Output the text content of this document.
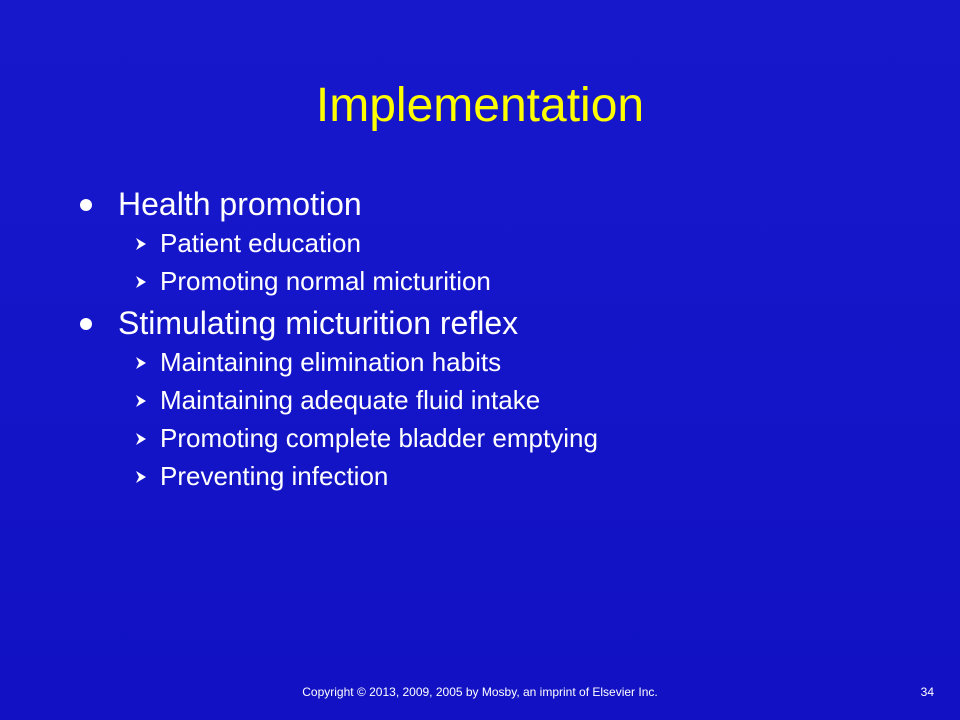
Implementation
Health promotion
Patient education
Promoting normal micturition
Stimulating micturition reflex
Maintaining elimination habits
Maintaining adequate fluid intake
Promoting complete bladder emptying
Preventing infection
Copyright © 2013, 2009, 2005 by Mosby, an imprint of Elsevier Inc.	34
